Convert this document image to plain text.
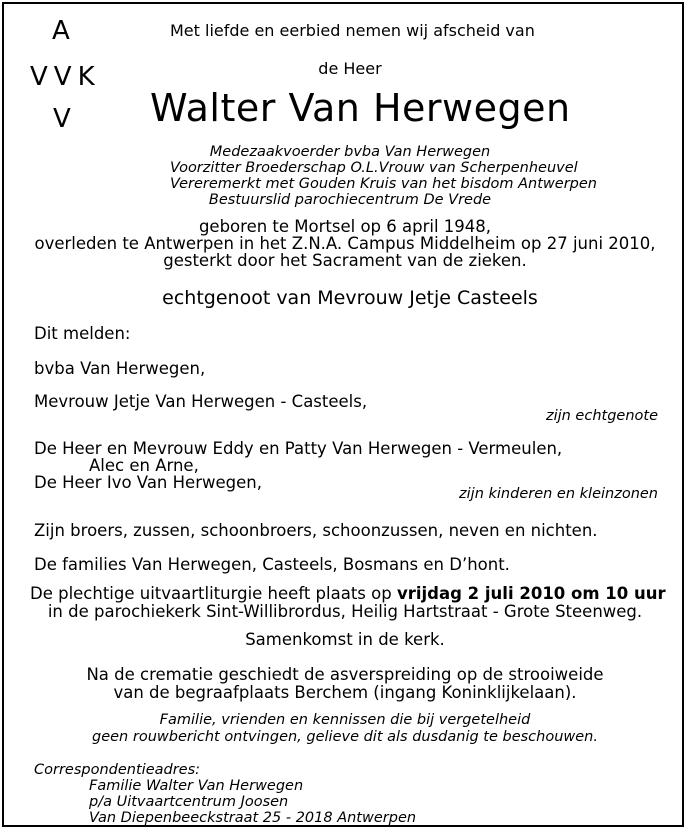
A
VVK
V
Met liefde en eerbied nemen wij afscheid van
de Heer
Walter Van Herwegen
Medezaakvoerder bvba Van Herwegen
Voorzitter Broederschap O.L.Vrouw van Scherpenheuvel
Vereremerkt met Gouden Kruis van het bisdom Antwerpen
Bestuurslid parochiecentrum De Vrede
geboren te Mortsel op 6 april 1948,
overleden te Antwerpen in het Z.N.A. Campus Middelheim op 27 juni 2010,
gesterkt door het Sacrament van de zieken.
echtgenoot van Mevrouw Jetje Casteels
Dit melden:
bvba Van Herwegen,
Mevrouw Jetje Van Herwegen - Casteels,
zijn echtgenote
De Heer en Mevrouw Eddy en Patty Van Herwegen - Vermeulen,
Alec en Arne,
De Heer Ivo Van Herwegen,
zijn kinderen en kleinzonen
Zijn broers, zussen, schoonbroers, schoonzussen, neven en nichten.
De families Van Herwegen, Casteels, Bosmans en D’hont.
De plechtige uitvaartliturgie heeft plaats op vrijdag 2 juli 2010 om 10 uur
in de parochiekerk Sint-Willibrordus, Heilig Hartstraat - Grote Steenweg.
Samenkomst in de kerk.
Na de crematie geschiedt de asverspreiding op de strooiweide
van de begraafplaats Berchem (ingang Koninklijkelaan).
Familie, vrienden en kennissen die bij vergetelheid
geen rouwbericht ontvingen, gelieve dit als dusdanig te beschouwen.
Correspondentieadres:
Familie Walter Van Herwegen
p/a Uitvaartcentrum Joosen
Van Diepenbeeckstraat 25 - 2018 Antwerpen
